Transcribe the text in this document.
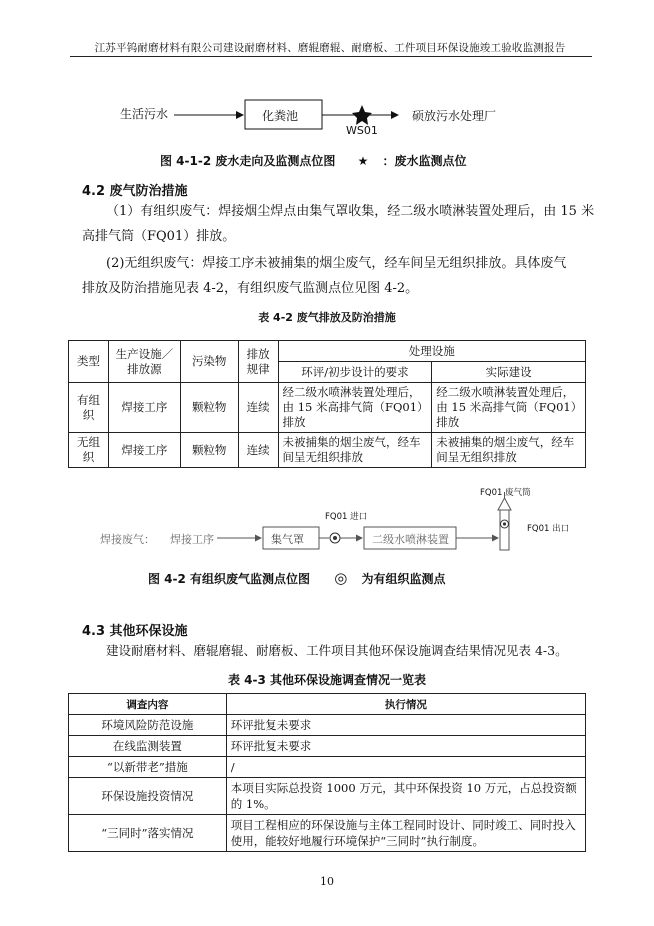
江苏平钨耐磨材料有限公司建设耐磨材料、磨辊磨辊、耐磨板、工件项目环保设施竣工验收监测报告
生活污水	化粪池	硕放污水处理厂
WS01
图 4-1-2 废水走向及监测点位图 ★ ：废水监测点位
4.2 废气防治措施
（1）有组织废气：焊接烟尘焊点由集气罩收集，经二级水喷淋装置处理后，由 15 米
高排气筒（FQ01）排放。
(2)无组织废气：焊接工序未被捕集的烟尘废气，经车间呈无组织排放。具体废气
排放及防治措施见表 4-2，有组织废气监测点位见图 4-2。
表 4-2 废气排放及防治措施
类型	生产设施／排放源	污染物	排放规律	处理设施	
				环评/初步设计的要求	实际建设
有组织	焊接工序	颗粒物	连续	经二级水喷淋装置处理后，由 15 米高排气筒（FQ01）排放	经二级水喷淋装置处理后，由 15 米高排气筒（FQ01）排放
无组织	焊接工序	颗粒物	连续	未被捕集的烟尘废气，经车间呈无组织排放	未被捕集的烟尘废气，经车间呈无组织排放
焊接废气： 焊接工序	集气罩	二级水喷淋装置
FQ01 进口
FQ01 废气筒
FQ01 出口
图 4-2 有组织废气监测点位图 ◎ 为有组织监测点
4.3 其他环保设施
建设耐磨材料、磨辊磨辊、耐磨板、工件项目其他环保设施调查结果情况见表 4-3。
表 4-3 其他环保设施调查情况一览表
调查内容	执行情况
环境风险防范设施	环评批复未要求
在线监测装置	环评批复未要求
“以新带老”措施	/
环保设施投资情况	本项目实际总投资 1000 万元，其中环保投资 10 万元，占总投资额的 1%。
“三同时”落实情况	项目工程相应的环保设施与主体工程同时设计、同时竣工、同时投入使用，能较好地履行环境保护“三同时”执行制度。
10
